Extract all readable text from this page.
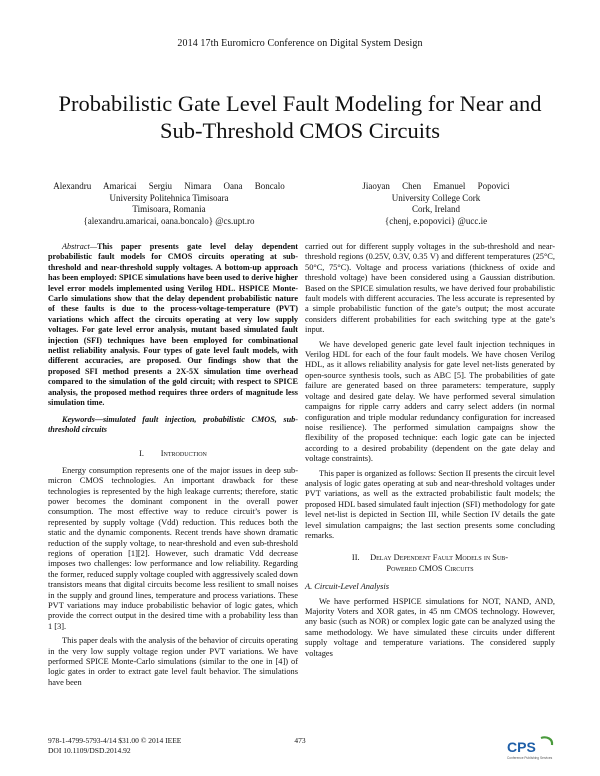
2014 17th Euromicro Conference on Digital System Design
Probabilistic Gate Level Fault Modeling for Near and
Sub-Threshold CMOS Circuits
Alexandru Amaricai Sergiu Nimara Oana Boncalo
University Politehnica Timisoara
Timisoara, Romania
{alexandru.amaricai, oana.boncalo} @cs.upt.ro
Jiaoyan Chen Emanuel Popovici
University College Cork
Cork, Ireland
{chenj, e.popovici} @ucc.ie

Abstract—This paper presents gate level delay dependent probabilistic fault models for CMOS circuits operating at sub-threshold and near-threshold supply voltages. A bottom-up approach has been employed: SPICE simulations have been used to derive higher level error models implemented using Verilog HDL. HSPICE Monte-Carlo simulations show that the delay dependent probabilistic nature of these faults is due to the process-voltage-temperature (PVT) variations which affect the circuits operating at very low supply voltages. For gate level error analysis, mutant based simulated fault injection (SFI) techniques have been employed for combinational netlist reliability analysis. Four types of gate level fault models, with different accuracies, are proposed. Our findings show that the proposed SFI method presents a 2X-5X simulation time overhead compared to the simulation of the gold circuit; with respect to SPICE analysis, the proposed method requires three orders of magnitude less simulation time.

Keywords—simulated fault injection, probabilistic CMOS, sub-threshold circuits

I. Introduction

Energy consumption represents one of the major issues in deep sub-micron CMOS technologies. An important drawback for these technologies is represented by the high leakage currents; therefore, static power becomes the dominant component in the overall power consumption. The most effective way to reduce circuit’s power is represented by supply voltage (Vdd) reduction. This reduces both the static and the dynamic components. Recent trends have shown dramatic reduction of the supply voltage, to near-threshold and even sub-threshold regions of operation [1][2]. However, such dramatic Vdd decrease imposes two challenges: low performance and low reliability. Regarding the former, reduced supply voltage coupled with aggressively scaled down transistors means that digital circuits become less resilient to small noises in the supply and ground lines, temperature and process variations. These PVT variations may induce probabilistic behavior of logic gates, which provide the correct output in the desired time with a probability less than 1 [3].

This paper deals with the analysis of the behavior of circuits operating in the very low supply voltage region under PVT variations. We have performed SPICE Monte-Carlo simulations (similar to the one in [4]) of logic gates in order to extract gate level fault behavior. The simulations have been

carried out for different supply voltages in the sub-threshold and near-threshold regions (0.25V, 0.3V, 0.35 V) and different temperatures (25°C, 50°C, 75°C). Voltage and process variations (thickness of oxide and threshold voltage) have been considered using a Gaussian distribution. Based on the SPICE simulation results, we have derived four probabilistic fault models with different accuracies. The less accurate is represented by a simple probabilistic function of the gate’s output; the most accurate considers different probabilities for each switching type at the gate’s input.

We have developed generic gate level fault injection techniques in Verilog HDL for each of the four fault models. We have chosen Verilog HDL, as it allows reliability analysis for gate level net-lists generated by open-source synthesis tools, such as ABC [5]. The probabilities of gate failure are generated based on three parameters: temperature, supply voltage and desired gate delay. We have performed several simulation campaigns for ripple carry adders and carry select adders (in normal configuration and triple modular redundancy configuration for increased noise resilience). The performed simulation campaigns show the flexibility of the proposed technique: each logic gate can be injected according to a desired probability (dependent on the gate delay and voltage constraints).

This paper is organized as follows: Section II presents the circuit level analysis of logic gates operating at sub and near-threshold voltages under PVT variations, as well as the extracted probabilistic fault models; the proposed HDL based simulated fault injection (SFI) methodology for gate level net-list is depicted in Section III, while Section IV details the gate level simulation campaigns; the last section presents some concluding remarks.

II. Delay Dependent Fault Models in Sub-
Powered CMOS Circuits
A. Circuit-Level Analysis

We have performed HSPICE simulations for NOT, NAND, AND, Majority Voters and XOR gates, in 45 nm CMOS technology. However, any basic (such as NOR) or complex logic gate can be analyzed using the same methodology. We have simulated these circuits under different supply voltage and temperature variations. The considered supply voltages

978-1-4799-5793-4/14 $31.00 © 2014 IEEE
DOI 10.1109/DSD.2014.92
473	CPS
Conference Publishing Services
